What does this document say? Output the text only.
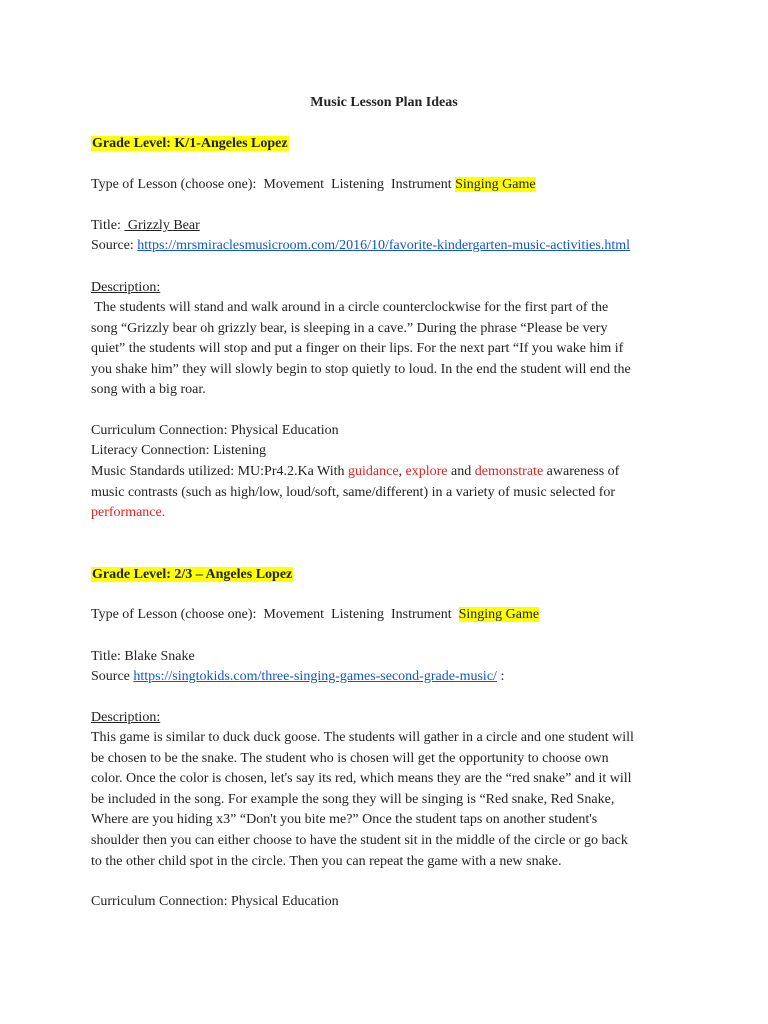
Music Lesson Plan Ideas
Grade Level: K/1-Angeles Lopez
Type of Lesson (choose one):  Movement  Listening  Instrument Singing Game
Title:  Grizzly Bear
Source: https://mrsmiraclesmusicroom.com/2016/10/favorite-kindergarten-music-activities.html
Description:
The students will stand and walk around in a circle counterclockwise for the first part of the
song “Grizzly bear oh grizzly bear, is sleeping in a cave.” During the phrase “Please be very
quiet” the students will stop and put a finger on their lips. For the next part “If you wake him if
you shake him” they will slowly begin to stop quietly to loud. In the end the student will end the
song with a big roar.
Curriculum Connection: Physical Education
Literacy Connection: Listening
Music Standards utilized: MU:Pr4.2.Ka With guidance, explore and demonstrate awareness of
music contrasts (such as high/low, loud/soft, same/different) in a variety of music selected for
performance.
Grade Level: 2/3 – Angeles Lopez
Type of Lesson (choose one):  Movement  Listening  Instrument  Singing Game
Title: Blake Snake
Source https://singtokids.com/three-singing-games-second-grade-music/ :
Description:
This game is similar to duck duck goose. The students will gather in a circle and one student will
be chosen to be the snake. The student who is chosen will get the opportunity to choose own
color. Once the color is chosen, let's say its red, which means they are the “red snake” and it will
be included in the song. For example the song they will be singing is “Red snake, Red Snake,
Where are you hiding x3” “Don't you bite me?” Once the student taps on another student's
shoulder then you can either choose to have the student sit in the middle of the circle or go back
to the other child spot in the circle. Then you can repeat the game with a new snake.
Curriculum Connection: Physical Education
